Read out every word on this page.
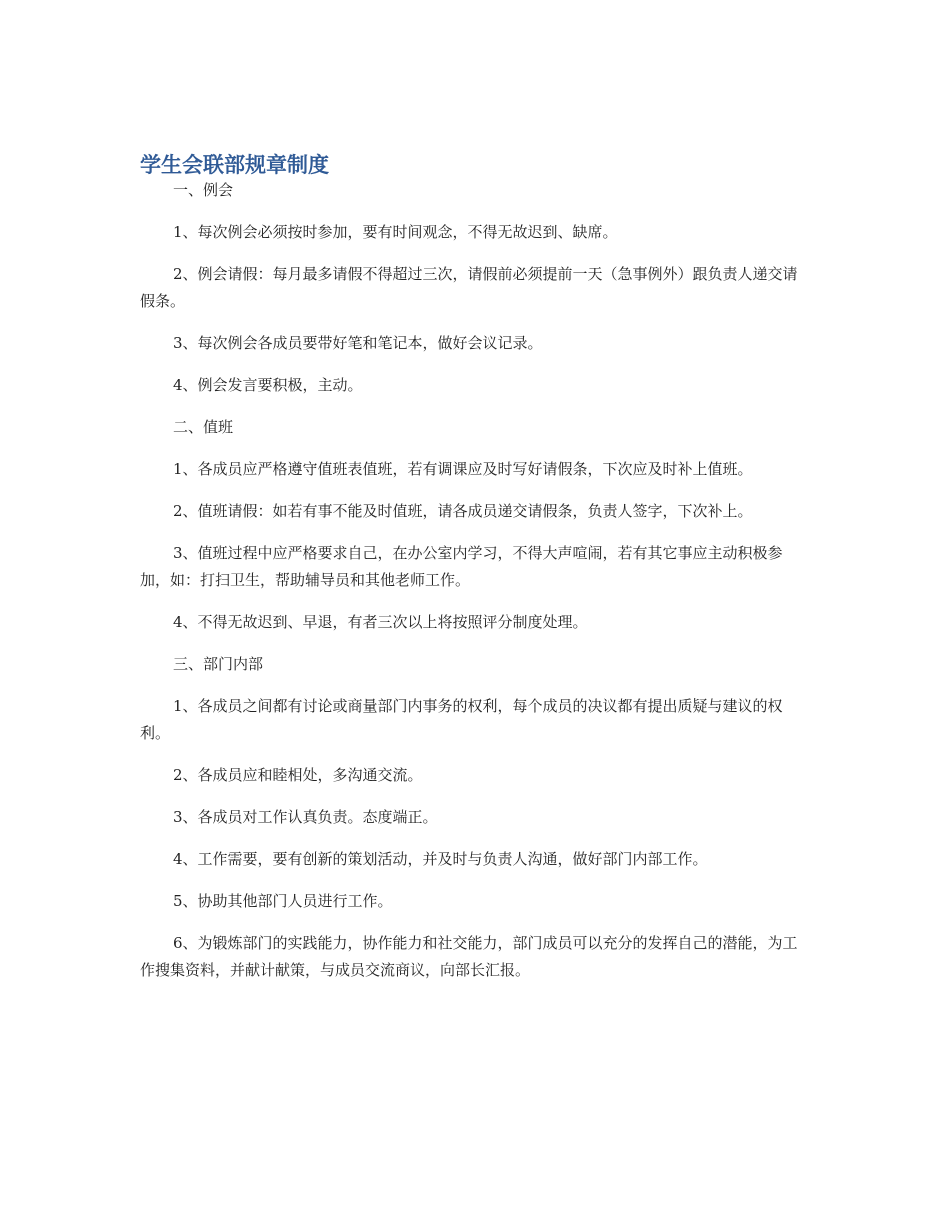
学生会联部规章制度

一、例会

1、每次例会必须按时参加，要有时间观念，不得无故迟到、缺席。

2、例会请假：每月最多请假不得超过三次，请假前必须提前一天（急事例外）跟负责人递交请假条。

3、每次例会各成员要带好笔和笔记本，做好会议记录。

4、例会发言要积极，主动。

二、值班

1、各成员应严格遵守值班表值班，若有调课应及时写好请假条，下次应及时补上值班。

2、值班请假：如若有事不能及时值班，请各成员递交请假条，负责人签字，下次补上。

3、值班过程中应严格要求自己，在办公室内学习，不得大声喧闹，若有其它事应主动积极参加，如：打扫卫生，帮助辅导员和其他老师工作。

4、不得无故迟到、早退，有者三次以上将按照评分制度处理。

三、部门内部

1、各成员之间都有讨论或商量部门内事务的权利，每个成员的决议都有提出质疑与建议的权利。

2、各成员应和睦相处，多沟通交流。

3、各成员对工作认真负责。态度端正。

4、工作需要，要有创新的策划活动，并及时与负责人沟通，做好部门内部工作。

5、协助其他部门人员进行工作。

6、为锻炼部门的实践能力，协作能力和社交能力，部门成员可以充分的发挥自己的潜能，为工作搜集资料，并献计献策，与成员交流商议，向部长汇报。
